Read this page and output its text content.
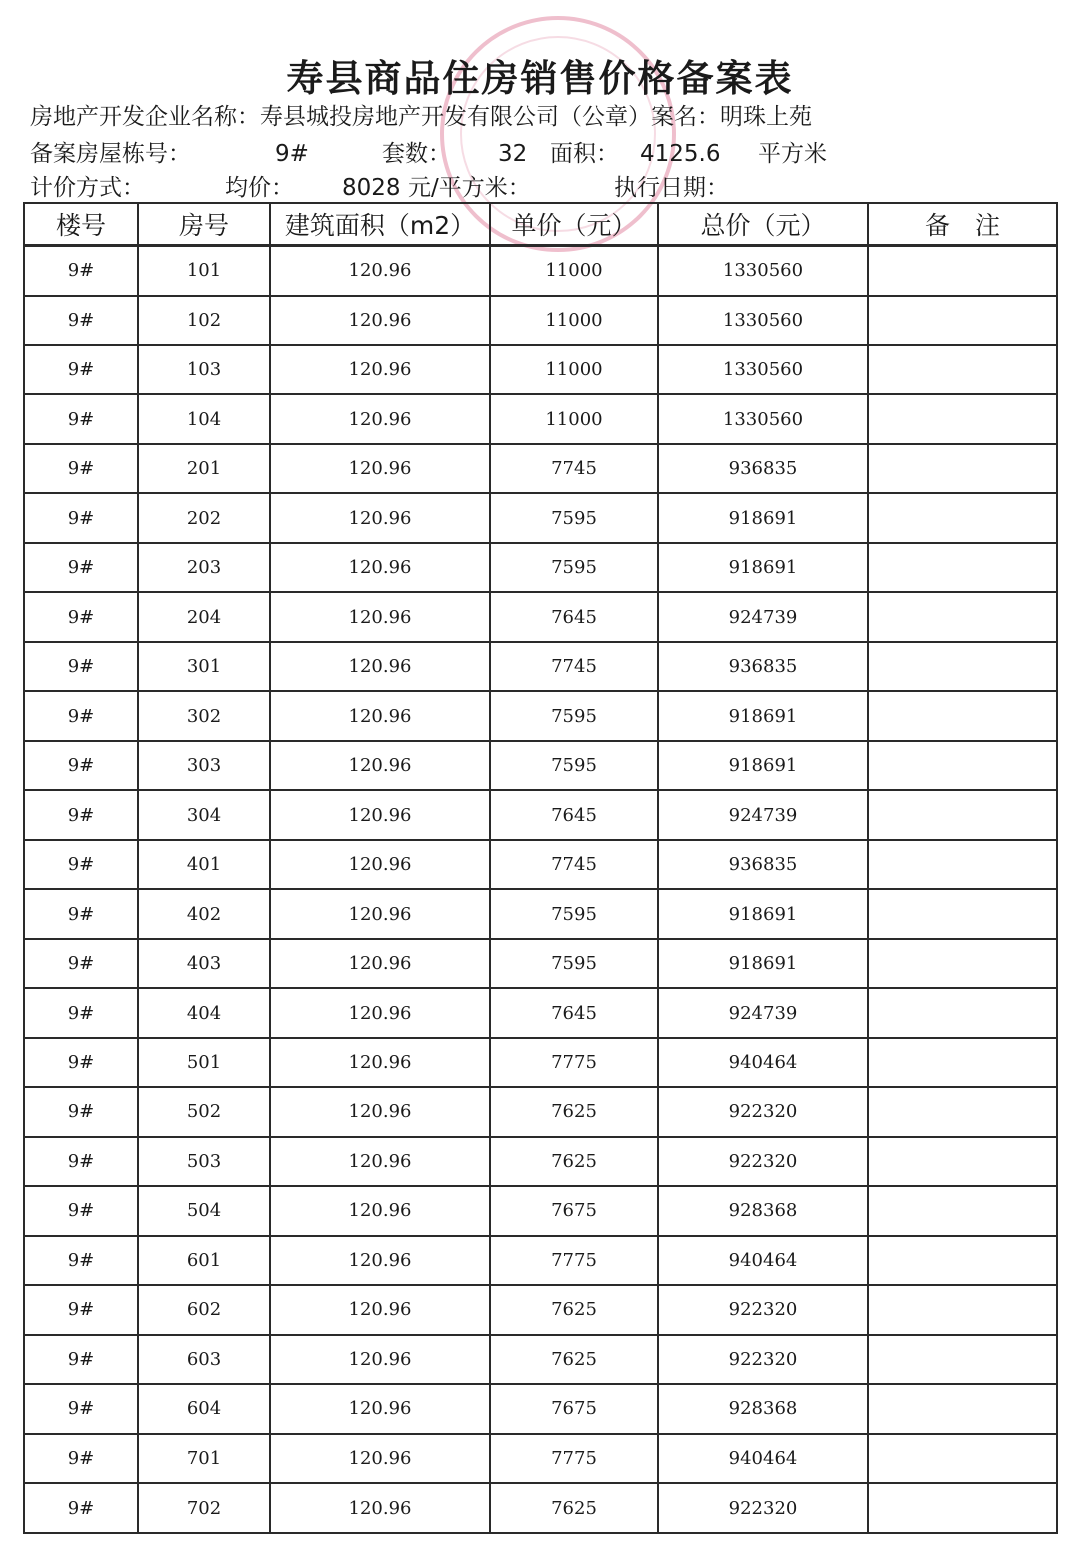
寿县商品住房销售价格备案表
房地产开发企业名称：寿县城投房地产开发有限公司（公章）案名：明珠上苑
备案房屋栋号：	9#	套数： 32 面积： 4125.6 平方米
计价方式：	均价： 8028 元/平方米：	执行日期：
楼号	房号	建筑面积（m2）	单价（元）	总价（元）	备　注
9#	101	120.96	11000	1330560	
9#	102	120.96	11000	1330560	
9#	103	120.96	11000	1330560	
9#	104	120.96	11000	1330560	
9#	201	120.96	7745	936835	
9#	202	120.96	7595	918691	
9#	203	120.96	7595	918691	
9#	204	120.96	7645	924739	
9#	301	120.96	7745	936835	
9#	302	120.96	7595	918691	
9#	303	120.96	7595	918691	
9#	304	120.96	7645	924739	
9#	401	120.96	7745	936835	
9#	402	120.96	7595	918691	
9#	403	120.96	7595	918691	
9#	404	120.96	7645	924739	
9#	501	120.96	7775	940464	
9#	502	120.96	7625	922320	
9#	503	120.96	7625	922320	
9#	504	120.96	7675	928368	
9#	601	120.96	7775	940464	
9#	602	120.96	7625	922320	
9#	603	120.96	7625	922320	
9#	604	120.96	7675	928368	
9#	701	120.96	7775	940464	
9#	702	120.96	7625	922320	
